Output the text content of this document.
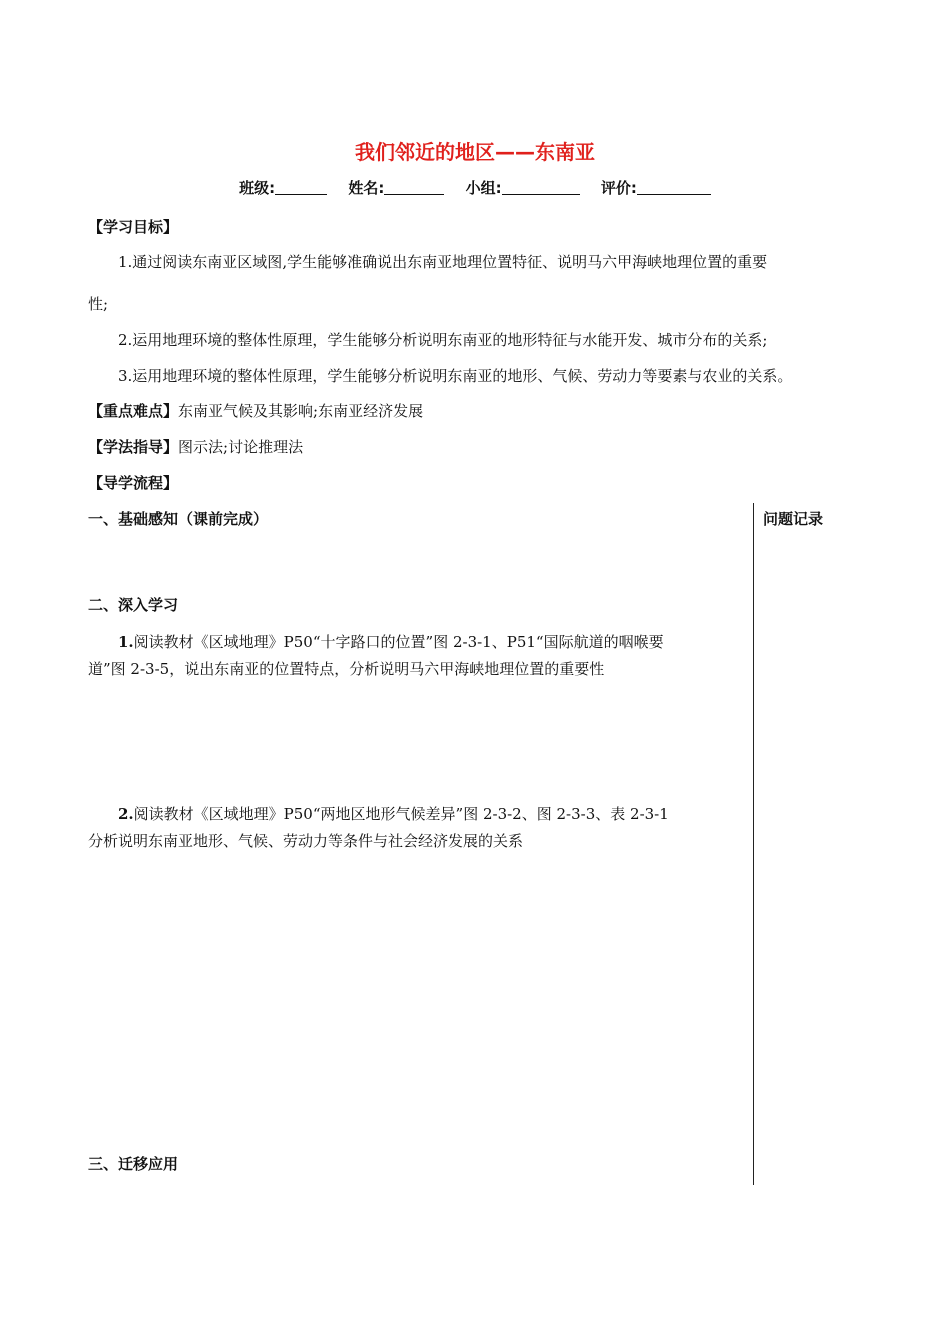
我们邻近的地区——东南亚
班级:	姓名:	小组:	评价:
【学习目标】
1.通过阅读东南亚区域图,学生能够准确说出东南亚地理位置特征、说明马六甲海峡地理位置的重要
性;
2.运用地理环境的整体性原理，学生能够分析说明东南亚的地形特征与水能开发、城市分布的关系;
3.运用地理环境的整体性原理，学生能够分析说明东南亚的地形、气候、劳动力等要素与农业的关系。
【重点难点】东南亚气候及其影响;东南亚经济发展
【学法指导】图示法;讨论推理法
【导学流程】
问题记录
一、基础感知（课前完成）
二、深入学习
1.阅读教材《区域地理》P50“十字路口的位置”图 2-3-1、P51“国际航道的咽喉要
道”图 2-3-5，说出东南亚的位置特点，分析说明马六甲海峡地理位置的重要性
2.阅读教材《区域地理》P50“两地区地形气候差异”图 2-3-2、图 2-3-3、表 2-3-1
分析说明东南亚地形、气候、劳动力等条件与社会经济发展的关系
三、迁移应用
